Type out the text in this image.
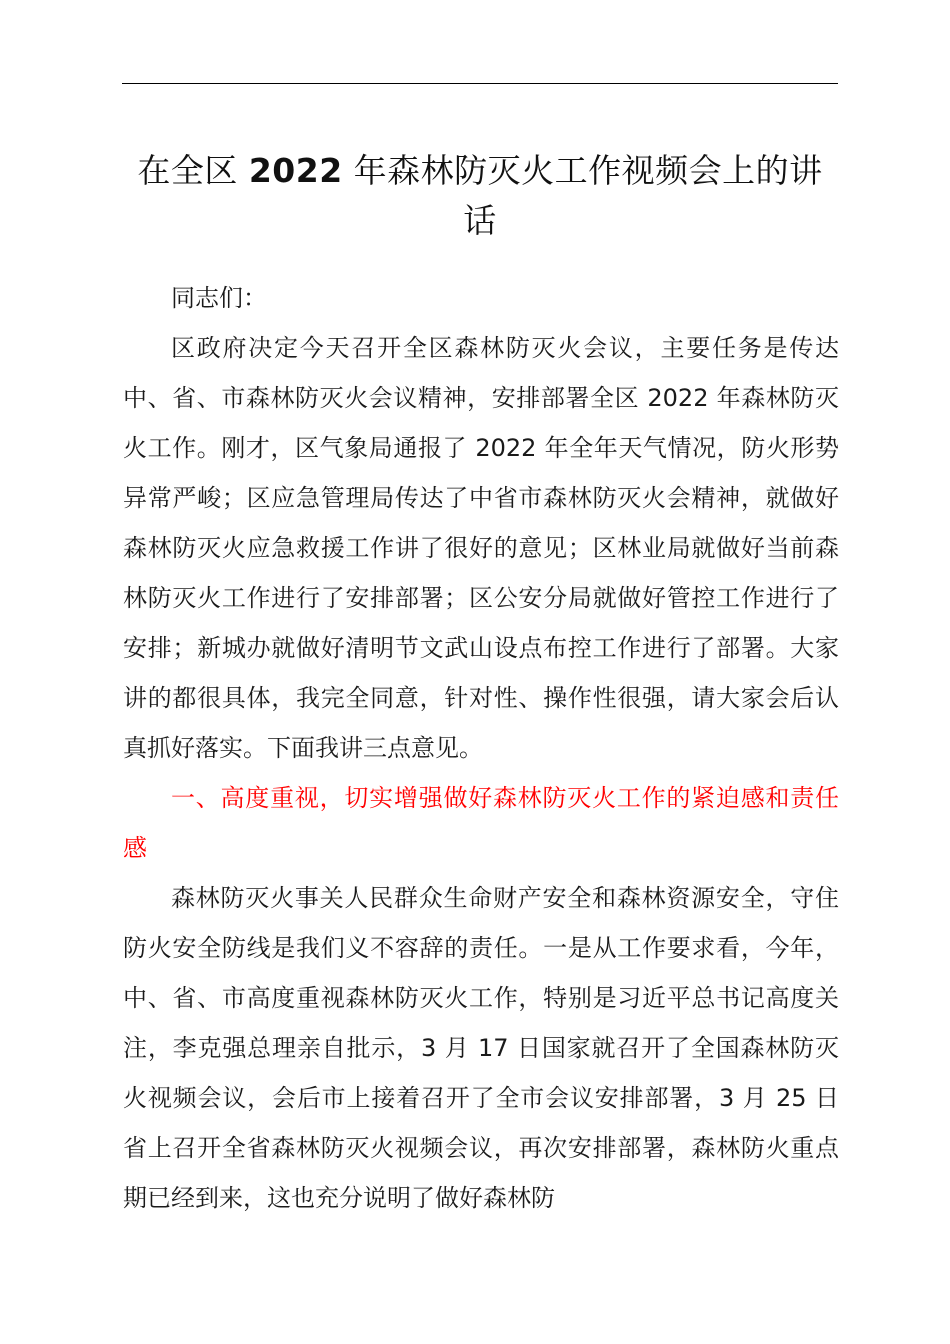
在全区 2022 年森林防灭火工作视频会上的讲话

同志们：

区政府决定今天召开全区森林防灭火会议，主要任务是传达中、省、市森林防灭火会议精神，安排部署全区 2022 年森林防灭火工作。刚才，区气象局通报了 2022 年全年天气情况，防火形势异常严峻；区应急管理局传达了中省市森林防灭火会精神，就做好森林防灭火应急救援工作讲了很好的意见；区林业局就做好当前森林防灭火工作进行了安排部署；区公安分局就做好管控工作进行了安排；新城办就做好清明节文武山设点布控工作进行了部署。大家讲的都很具体，我完全同意，针对性、操作性很强，请大家会后认真抓好落实。下面我讲三点意见。

一、高度重视，切实增强做好森林防灭火工作的紧迫感和责任感

森林防灭火事关人民群众生命财产安全和森林资源安全，守住防火安全防线是我们义不容辞的责任。一是从工作要求看，今年，中、省、市高度重视森林防灭火工作，特别是习近平总书记高度关注，李克强总理亲自批示，3 月 17 日国家就召开了全国森林防灭火视频会议，会后市上接着召开了全市会议安排部署，3 月 25 日省上召开全省森林防灭火视频会议，再次安排部署，森林防火重点期已经到来，这也充分说明了做好森林防
